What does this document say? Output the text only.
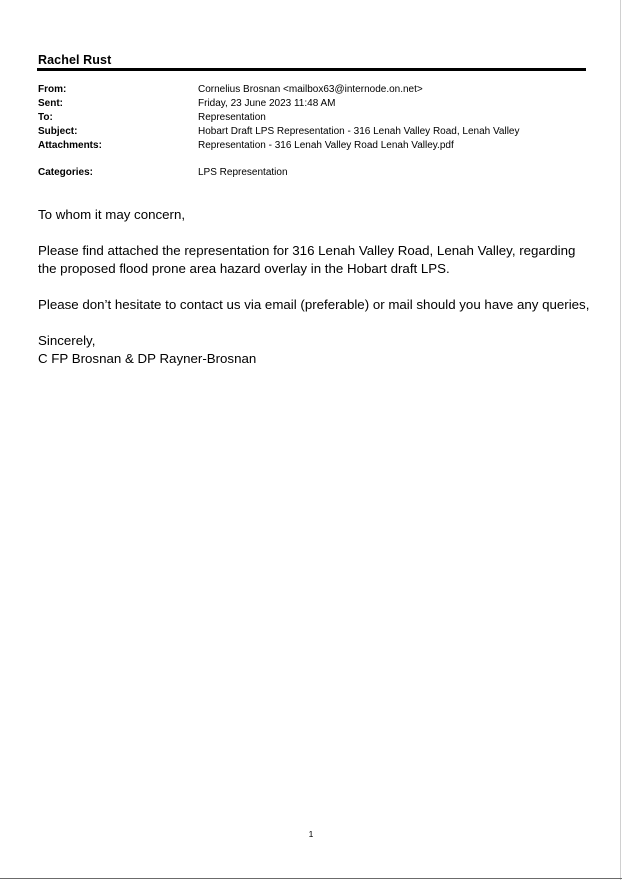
Rachel Rust
From:	Cornelius Brosnan <mailbox63@internode.on.net>
Sent:	Friday, 23 June 2023 11:48 AM
To:	Representation
Subject:	Hobart Draft LPS Representation - 316 Lenah Valley Road, Lenah Valley
Attachments:	Representation - 316 Lenah Valley Road Lenah Valley.pdf
Categories:	LPS Representation

To whom it may concern,

Please find attached the representation for 316 Lenah Valley Road, Lenah Valley, regarding the proposed flood prone area hazard overlay in the Hobart draft LPS.

Please don’t hesitate to contact us via email (preferable) or mail should you have any queries,

Sincerely,
C FP Brosnan & DP Rayner-Brosnan

1
